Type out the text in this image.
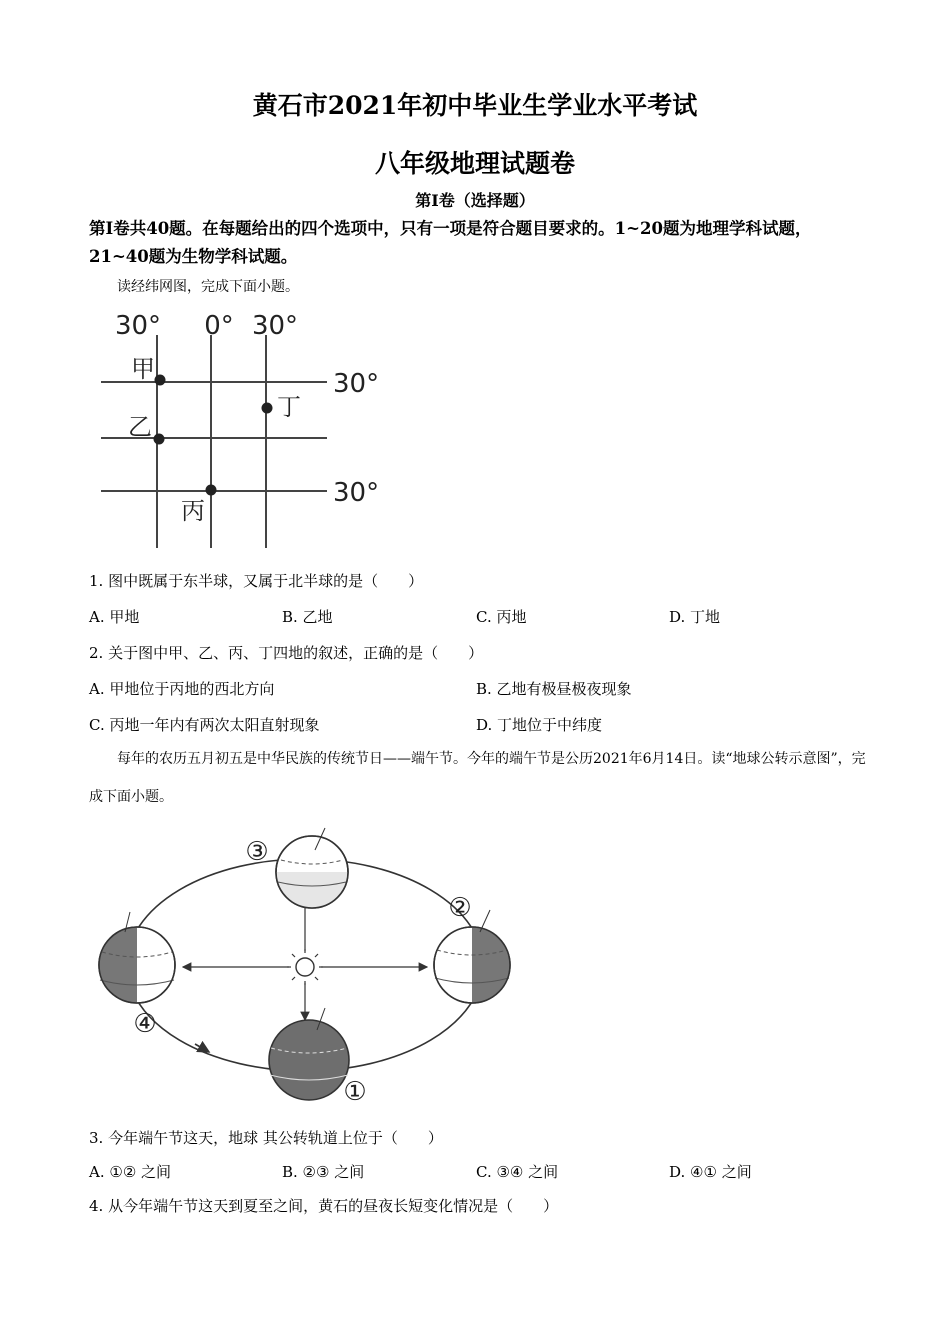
黄石市2021年初中毕业生学业水平考试
八年级地理试题卷
第I卷（选择题）
第I卷共40题。在每题给出的四个选项中，只有一项是符合题目要求的。1~20题为地理学科试题，21~40题为生物学科试题。
读经纬网图，完成下面小题。
30° 0° 30°
30°
30°
甲
乙
丙
丁
1. 图中既属于东半球，又属于北半球的是（　　）
A. 甲地	B. 乙地	C. 丙地	D. 丁地
2. 关于图中甲、乙、丙、丁四地的叙述，正确的是（　　）
A. 甲地位于丙地的西北方向	B. 乙地有极昼极夜现象
C. 丙地一年内有两次太阳直射现象	D. 丁地位于中纬度
每年的农历五月初五是中华民族的传统节日——端午节。今年的端午节是公历2021年6月14日。读“地球公转示意图”，完成下面小题。
③
②
④
①
3. 今年端午节这天，地球 其公转轨道上位于（　　）
A. ①② 之间	B. ②③ 之间	C. ③④ 之间	D. ④① 之间
4. 从今年端午节这天到夏至之间，黄石的昼夜长短变化情况是（　　）
